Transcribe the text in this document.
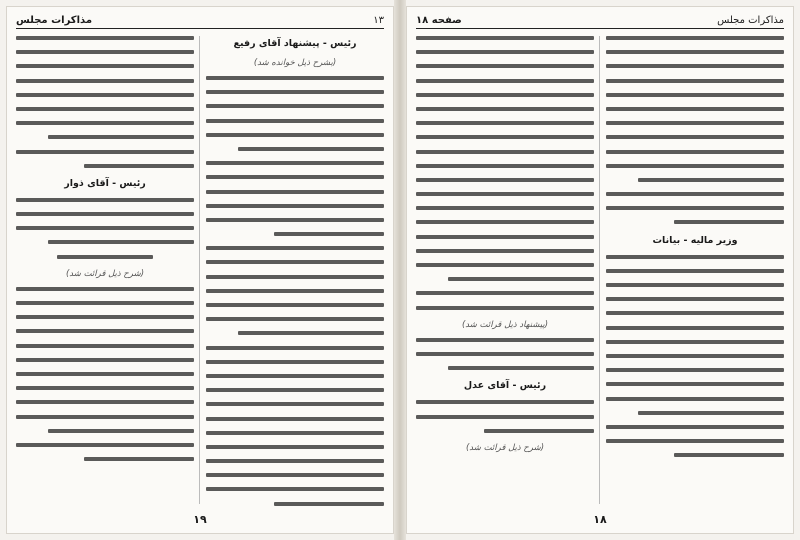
۱۳
مذاکرات مجلس
رئیس - پیشنهاد آقای رفیع
(بشرح ذیل خوانده شد)
رئیس - آقای ذوار
(شرح ذیل قرائت شد)
۱۹
مذاکرات مجلس
صفحه ۱۸
وزیر مالیه - بیانات
(پیشنهاد ذیل قرائت شد)
رئیس - آقای عدل
(شرح ذیل قرائت شد)
۱۸
